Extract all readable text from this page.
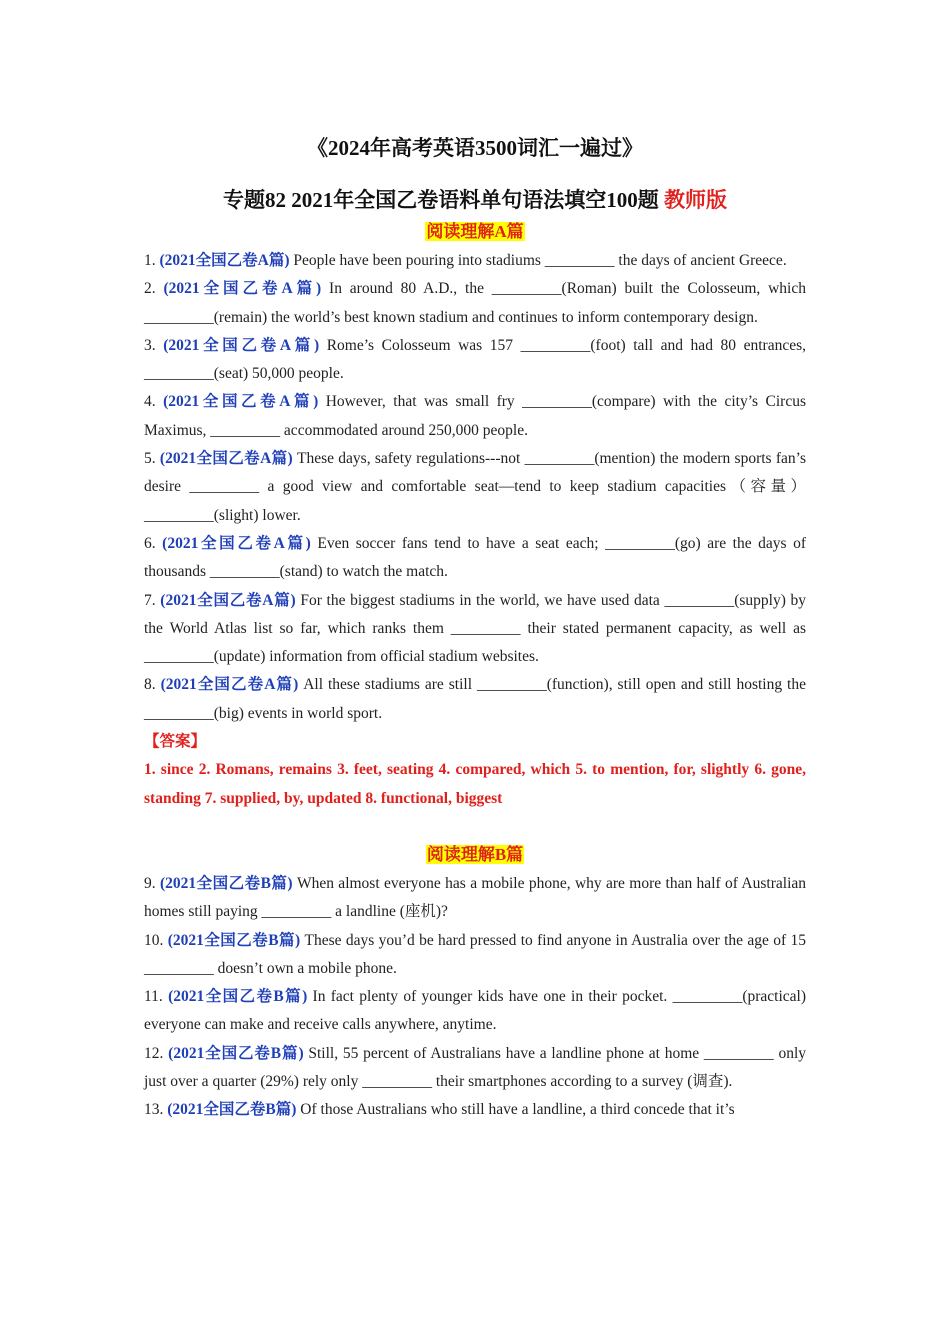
《2024年高考英语3500词汇一遍过》

专题82 2021年全国乙卷语料单句语法填空100题 教师版

阅读理解A篇

1. (2021全国乙卷A篇) People have been pouring into stadiums _________ the days of ancient Greece.

2. (2021全国乙卷A篇) In around 80 A.D., the _________(Roman) built the Colosseum, which _________(remain) the world’s best known stadium and continues to inform contemporary design.

3. (2021全国乙卷A篇) Rome’s Colosseum was 157 _________(foot) tall and had 80 entrances, _________(seat) 50,000 people.

4. (2021全国乙卷A篇) However, that was small fry _________(compare) with the city’s Circus Maximus, _________ accommodated around 250,000 people.

5. (2021全国乙卷A篇) These days, safety regulations---not _________(mention) the modern sports fan’s desire _________ a good view and comfortable seat—tend to keep stadium capacities（容量）_________(slight) lower.

6. (2021全国乙卷A篇) Even soccer fans tend to have a seat each; _________(go) are the days of thousands _________(stand) to watch the match.

7. (2021全国乙卷A篇) For the biggest stadiums in the world, we have used data _________(supply) by the World Atlas list so far, which ranks them _________ their stated permanent capacity, as well as _________(update) information from official stadium websites.

8. (2021全国乙卷A篇) All these stadiums are still _________(function), still open and still hosting the _________(big) events in world sport.

【答案】

1. since 2. Romans, remains 3. feet, seating 4. compared, which 5. to mention, for, slightly 6. gone, standing 7. supplied, by, updated 8. functional, biggest

阅读理解B篇

9. (2021全国乙卷B篇) When almost everyone has a mobile phone, why are more than half of Australian homes still paying _________ a landline (座机)?

10. (2021全国乙卷B篇) These days you’d be hard pressed to find anyone in Australia over the age of 15 _________ doesn’t own a mobile phone.

11. (2021全国乙卷B篇) In fact plenty of younger kids have one in their pocket. _________(practical) everyone can make and receive calls anywhere, anytime.

12. (2021全国乙卷B篇) Still, 55 percent of Australians have a landline phone at home _________ only just over a quarter (29%) rely only _________ their smartphones according to a survey (调查).

13. (2021全国乙卷B篇) Of those Australians who still have a landline, a third concede that it’s
